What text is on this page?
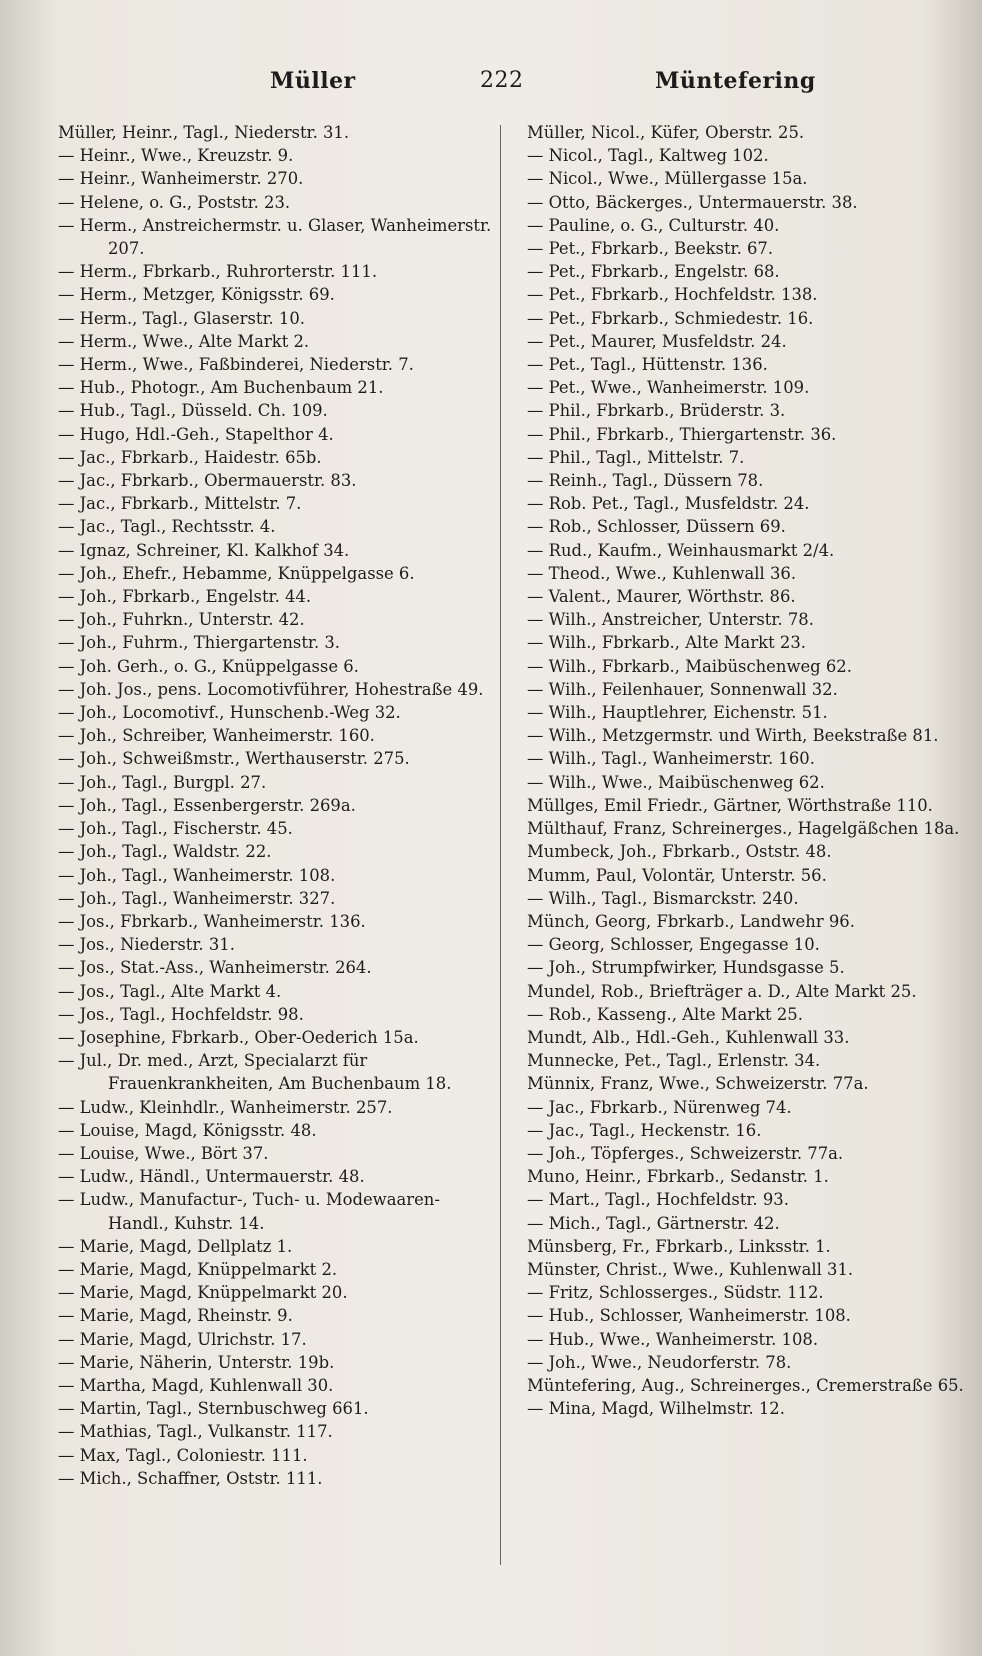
Müller	222	Müntefering

Müller, Heinr., Tagl., Niederstr. 31.

— Heinr., Wwe., Kreuzstr. 9.

— Heinr., Wanheimerstr. 270.

— Helene, o. G., Poststr. 23.

— Herm., Anstreichermstr. u. Glaser, Wanheimerstr. 207.

— Herm., Fbrkarb., Ruhrorterstr. 111.

— Herm., Metzger, Königsstr. 69.

— Herm., Tagl., Glaserstr. 10.

— Herm., Wwe., Alte Markt 2.

— Herm., Wwe., Faßbinderei, Niederstr. 7.

— Hub., Photogr., Am Buchenbaum 21.

— Hub., Tagl., Düsseld. Ch. 109.

— Hugo, Hdl.-Geh., Stapelthor 4.

— Jac., Fbrkarb., Haidestr. 65b.

— Jac., Fbrkarb., Obermauerstr. 83.

— Jac., Fbrkarb., Mittelstr. 7.

— Jac., Tagl., Rechtsstr. 4.

— Ignaz, Schreiner, Kl. Kalkhof 34.

— Joh., Ehefr., Hebamme, Knüppelgasse 6.

— Joh., Fbrkarb., Engelstr. 44.

— Joh., Fuhrkn., Unterstr. 42.

— Joh., Fuhrm., Thiergartenstr. 3.

— Joh. Gerh., o. G., Knüppelgasse 6.

— Joh. Jos., pens. Locomotivführer, Hohestraße 49.

— Joh., Locomotivf., Hunschenb.-Weg 32.

— Joh., Schreiber, Wanheimerstr. 160.

— Joh., Schweißmstr., Werthauserstr. 275.

— Joh., Tagl., Burgpl. 27.

— Joh., Tagl., Essenbergerstr. 269a.

— Joh., Tagl., Fischerstr. 45.

— Joh., Tagl., Waldstr. 22.

— Joh., Tagl., Wanheimerstr. 108.

— Joh., Tagl., Wanheimerstr. 327.

— Jos., Fbrkarb., Wanheimerstr. 136.

— Jos., Niederstr. 31.

— Jos., Stat.-Ass., Wanheimerstr. 264.

— Jos., Tagl., Alte Markt 4.

— Jos., Tagl., Hochfeldstr. 98.

— Josephine, Fbrkarb., Ober-Oederich 15a.

— Jul., Dr. med., Arzt, Specialarzt für Frauenkrankheiten, Am Buchenbaum 18.

— Ludw., Kleinhdlr., Wanheimerstr. 257.

— Louise, Magd, Königsstr. 48.

— Louise, Wwe., Bört 37.

— Ludw., Händl., Untermauerstr. 48.

— Ludw., Manufactur-, Tuch- u. Modewaaren-Handl., Kuhstr. 14.

— Marie, Magd, Dellplatz 1.

— Marie, Magd, Knüppelmarkt 2.

— Marie, Magd, Knüppelmarkt 20.

— Marie, Magd, Rheinstr. 9.

— Marie, Magd, Ulrichstr. 17.

— Marie, Näherin, Unterstr. 19b.

— Martha, Magd, Kuhlenwall 30.

— Martin, Tagl., Sternbuschweg 661.

— Mathias, Tagl., Vulkanstr. 117.

— Max, Tagl., Coloniestr. 111.

— Mich., Schaffner, Oststr. 111.

Müller, Nicol., Küfer, Oberstr. 25.

— Nicol., Tagl., Kaltweg 102.

— Nicol., Wwe., Müllergasse 15a.

— Otto, Bäckerges., Untermauerstr. 38.

— Pauline, o. G., Culturstr. 40.

— Pet., Fbrkarb., Beekstr. 67.

— Pet., Fbrkarb., Engelstr. 68.

— Pet., Fbrkarb., Hochfeldstr. 138.

— Pet., Fbrkarb., Schmiedestr. 16.

— Pet., Maurer, Musfeldstr. 24.

— Pet., Tagl., Hüttenstr. 136.

— Pet., Wwe., Wanheimerstr. 109.

— Phil., Fbrkarb., Brüderstr. 3.

— Phil., Fbrkarb., Thiergartenstr. 36.

— Phil., Tagl., Mittelstr. 7.

— Reinh., Tagl., Düssern 78.

— Rob. Pet., Tagl., Musfeldstr. 24.

— Rob., Schlosser, Düssern 69.

— Rud., Kaufm., Weinhausmarkt 2/4.

— Theod., Wwe., Kuhlenwall 36.

— Valent., Maurer, Wörthstr. 86.

— Wilh., Anstreicher, Unterstr. 78.

— Wilh., Fbrkarb., Alte Markt 23.

— Wilh., Fbrkarb., Maibüschenweg 62.

— Wilh., Feilenhauer, Sonnenwall 32.

— Wilh., Hauptlehrer, Eichenstr. 51.

— Wilh., Metzgermstr. und Wirth, Beekstraße 81.

— Wilh., Tagl., Wanheimerstr. 160.

— Wilh., Wwe., Maibüschenweg 62.

Müllges, Emil Friedr., Gärtner, Wörthstraße 110.

Mülthauf, Franz, Schreinerges., Hagelgäßchen 18a.

Mumbeck, Joh., Fbrkarb., Oststr. 48.

Mumm, Paul, Volontär, Unterstr. 56.

— Wilh., Tagl., Bismarckstr. 240.

Münch, Georg, Fbrkarb., Landwehr 96.

— Georg, Schlosser, Engegasse 10.

— Joh., Strumpfwirker, Hundsgasse 5.

Mundel, Rob., Briefträger a. D., Alte Markt 25.

— Rob., Kasseng., Alte Markt 25.

Mundt, Alb., Hdl.-Geh., Kuhlenwall 33.

Munnecke, Pet., Tagl., Erlenstr. 34.

Münnix, Franz, Wwe., Schweizerstr. 77a.

— Jac., Fbrkarb., Nürenweg 74.

— Jac., Tagl., Heckenstr. 16.

— Joh., Töpferges., Schweizerstr. 77a.

Muno, Heinr., Fbrkarb., Sedanstr. 1.

— Mart., Tagl., Hochfeldstr. 93.

— Mich., Tagl., Gärtnerstr. 42.

Münsberg, Fr., Fbrkarb., Linksstr. 1.

Münster, Christ., Wwe., Kuhlenwall 31.

— Fritz, Schlosserges., Südstr. 112.

— Hub., Schlosser, Wanheimerstr. 108.

— Hub., Wwe., Wanheimerstr. 108.

— Joh., Wwe., Neudorferstr. 78.

Müntefering, Aug., Schreinerges., Cremerstraße 65.

— Mina, Magd, Wilhelmstr. 12.
